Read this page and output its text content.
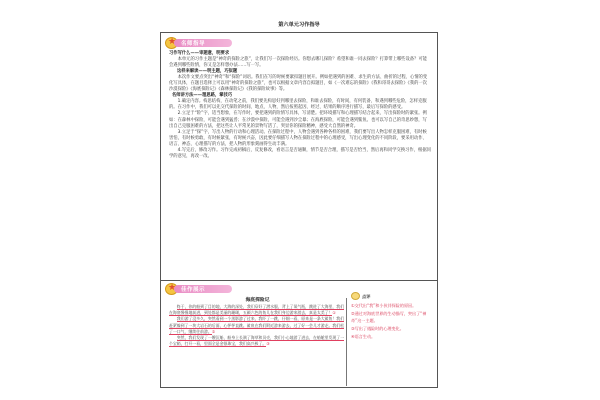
第六单元习作指导
★
名师指导

习作写什么——审题意，明要求

本单元的习作主题是“神奇的探险之旅”，让我们写一次探险经历。你想去哪儿探险？希望和谁一同去探险？打算带上哪些设备？可能会遇到哪些险情，你又是怎样想办法……写一写。

这样来解读——明主题，巧拟题

本次作文要点突出“神奇”和“探险”词语。我们在写的时候要紧扣题目展开。例如把遇到的困难、求生的方法、曲折的过程、心情的变化写具体，在题目选择上可以用“神奇的探险之旅”，也可以根据文章内容自拟题目，如《一次难忘的探险》《我和哥哥去探险》《我的一次沙漠探险》《海底探险记》《森林探险记》《我的探险故事》等。

名师讲方法——理思路，掌技巧

1.确定内容。构思结构，在动笔之前，我们要先构思好到哪里去探险，和谁去探险，有时间，有何装备，和遇到哪些危险，怎样克服的。在习作中，我们可以先交代探险的时间、地点、人物，然后按照起因、经过、结果的顺序进行描写，最后写探险的感受。

2.立足于“险”字，适当想象，在写作时，要把遇到的险情写具体，写清楚。把环境描写和心理描写结合起来，写出探险时的紧张。例如：在森林中探险，可能会遇到猛兽；在沙漠中探险，可能会遇到沙尘暴；在海底探险，可能会遇到鲨鱼。也可以写自己的奇思妙想，写出自己克服困难的方法，把这些让人平常见的景物写活了，突显你的探险精神，感受大自然的神奇。

3.立足于“探”字，写出人物的行动和心理活动。在探险过程中，人物会遇到各种各样的困难，我们要写出人物怎样克服困难，有时候害怕，有时候勇敢，有时候紧张，有时候兴奋，因此要仔细描写人物在探险过程中的心理感受，写出心理变化的不同阶段，要采用动作、语言、神态、心理描写的方法，把人物的形象刻画得生动丰满。

4.写完后，修改习作。习作完成初稿后，反复修改，看语言是否通顺，情节是否合理，描写是否恰当，然后再和同学交换习作，根据同学的意见，再改一改。

★
佳作展示
海底探险记

终于，你的船到了目的地，大海的深处，我们穿好了潜水服，背上了氧气瓶，跳进了大海里，我们在海底慢慢地前进，到处都是美丽的珊瑚，五颜六色的鱼儿在我们身边游来游去，真是太美了！①

我们游了没多久，突然看到一个黑影游了过来，我吓了一跳，仔细一看，原来是一条大鲨鱼！我们赶紧躲到了一块大岩石的后面，心怦怦直跳。鲨鱼在我们附近游来游去，过了好一会儿才游走。我们松了一口气，继续往前游。②

突然，我们发现了一艘沉船，船身上长满了海草和贝壳，我们小心地游了进去，在船舱里发现了一个宝箱，打开一看，里面全是金银珠宝，我们高兴极了。③

点评
①交代出“我”和小伙伴探险的原因。
②通过对海底世界的生动描写，突出了“神奇”这一主题。
③写出了遇险时的心理变化。
④语言生动。
